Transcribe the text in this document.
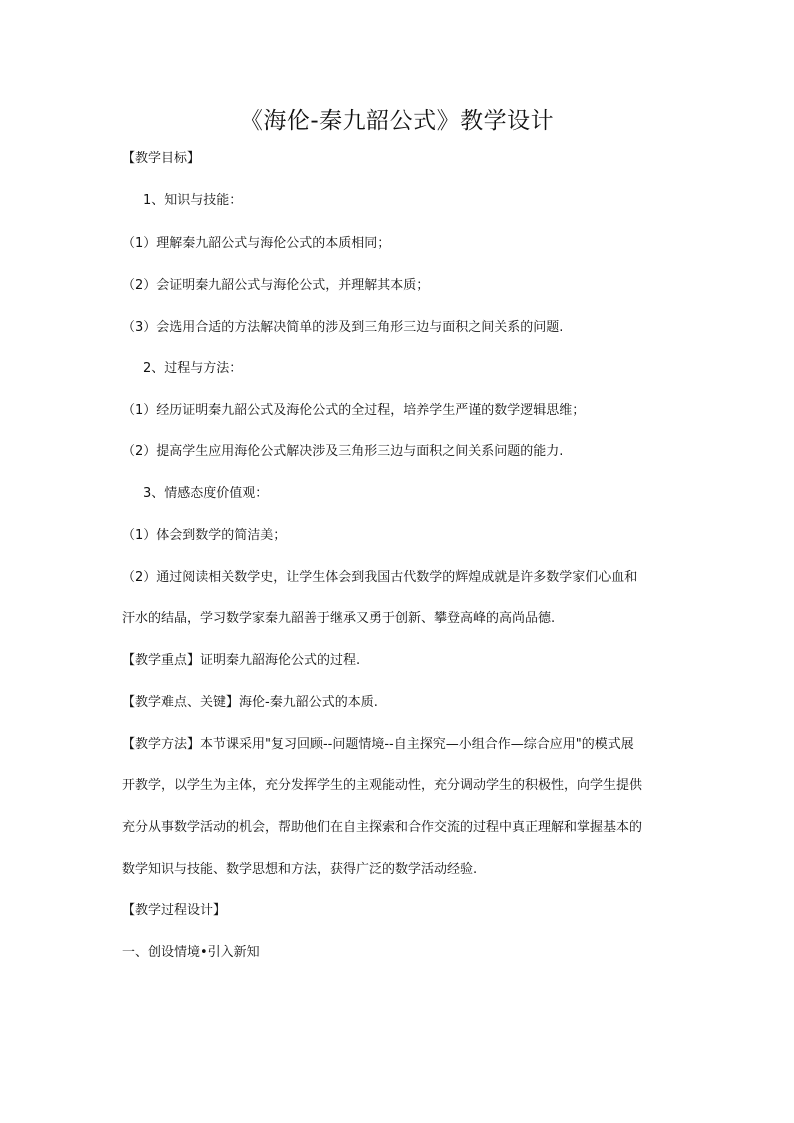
《海伦-秦九韶公式》教学设计

【教学目标】

1、知识与技能：

（1）理解秦九韶公式与海伦公式的本质相同；

（2）会证明秦九韶公式与海伦公式，并理解其本质；

（3）会选用合适的方法解决简单的涉及到三角形三边与面积之间关系的问题.

2、过程与方法：

（1）经历证明秦九韶公式及海伦公式的全过程，培养学生严谨的数学逻辑思维；

（2）提高学生应用海伦公式解决涉及三角形三边与面积之间关系问题的能力.

3、情感态度价值观：

（1）体会到数学的简洁美；

（2）通过阅读相关数学史，让学生体会到我国古代数学的辉煌成就是许多数学家们心血和

汗水的结晶，学习数学家秦九韶善于继承又勇于创新、攀登高峰的高尚品德.

【教学重点】证明秦九韶海伦公式的过程.

【教学难点、关键】海伦-秦九韶公式的本质.

【教学方法】本节课采用"复习回顾--问题情境--自主探究—小组合作—综合应用"的模式展

开教学，以学生为主体，充分发挥学生的主观能动性，充分调动学生的积极性，向学生提供

充分从事数学活动的机会，帮助他们在自主探索和合作交流的过程中真正理解和掌握基本的

数学知识与技能、数学思想和方法，获得广泛的数学活动经验.

【教学过程设计】

一、创设情境•引入新知
